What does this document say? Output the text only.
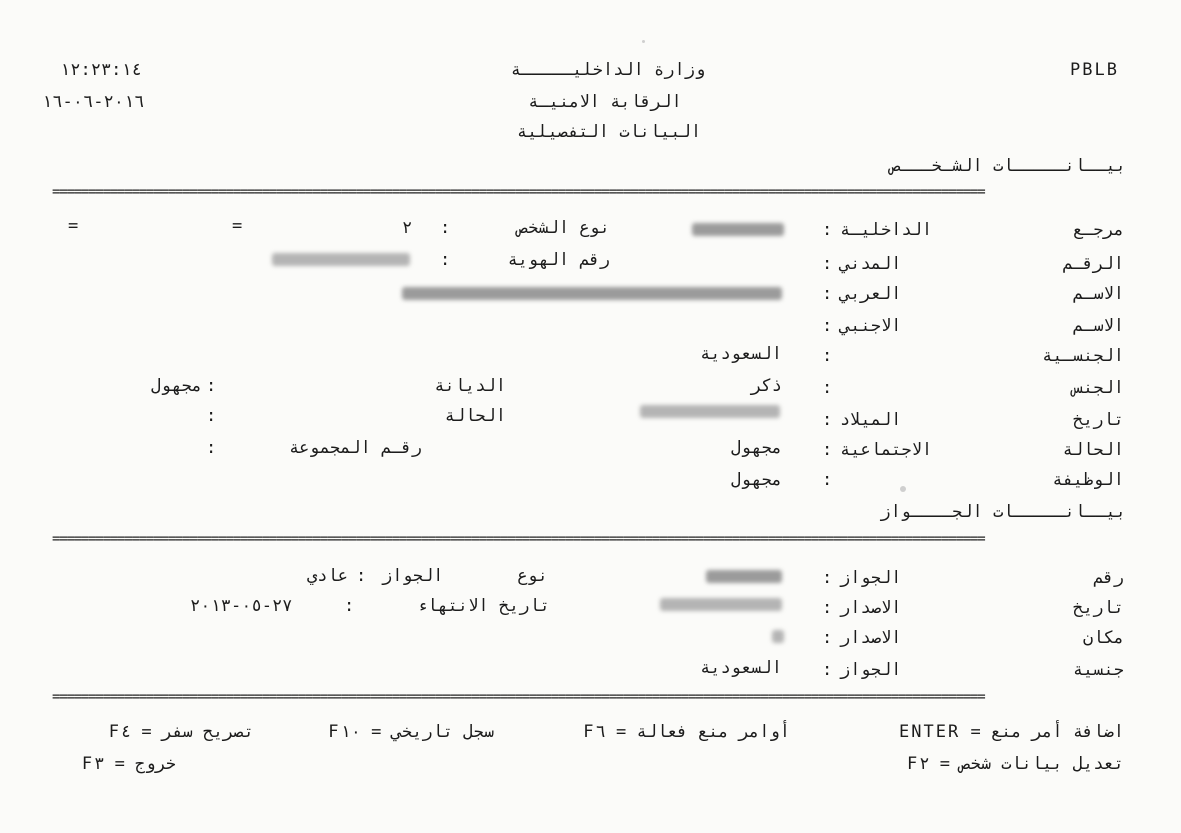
١٢:٢٣:١٤
٢٠١٦-٠٦-١٦
وزارة الداخليـــــة
الرقابة الامنيـة
البيانات التفصيلية
PBLB
بيــانـــــات الشـخـــص
=================================================================================================================================
مرجـع الداخليـة
:
نوع الشخص
:
٢
=
=
الرقـم المدني
:
رقم الهوية
:
الاسـم العربي
:
الاسـم الاجنبي
:
الجنسـية
:
السعودية
الجنس
:
ذكر
الديانة
:
مجهول
تاريخ الميلاد
:
الحالة
:
الحالة الاجتماعية
:
مجهول
رقـم المجموعة
:
الوظيفة
:
مجهول
بيــانـــــات الجــــواز
=================================================================================================================================
رقم الجواز
:
نوع الجواز
:
عادي
تاريخ الاصدار
:
تاريخ الانتهاء
:
٢٧-٠٥-٢٠١٣
مكان الاصدار
:
جنسية الجواز
:
السعودية
=================================================================================================================================
اضافة أمر منع = ENTER
أوامر منع فعالة = F٦
سجل تاريخي = F١٠
تصريح سفر = F٤
تعديل بيانات شخص = F٢
خروج = F٣
